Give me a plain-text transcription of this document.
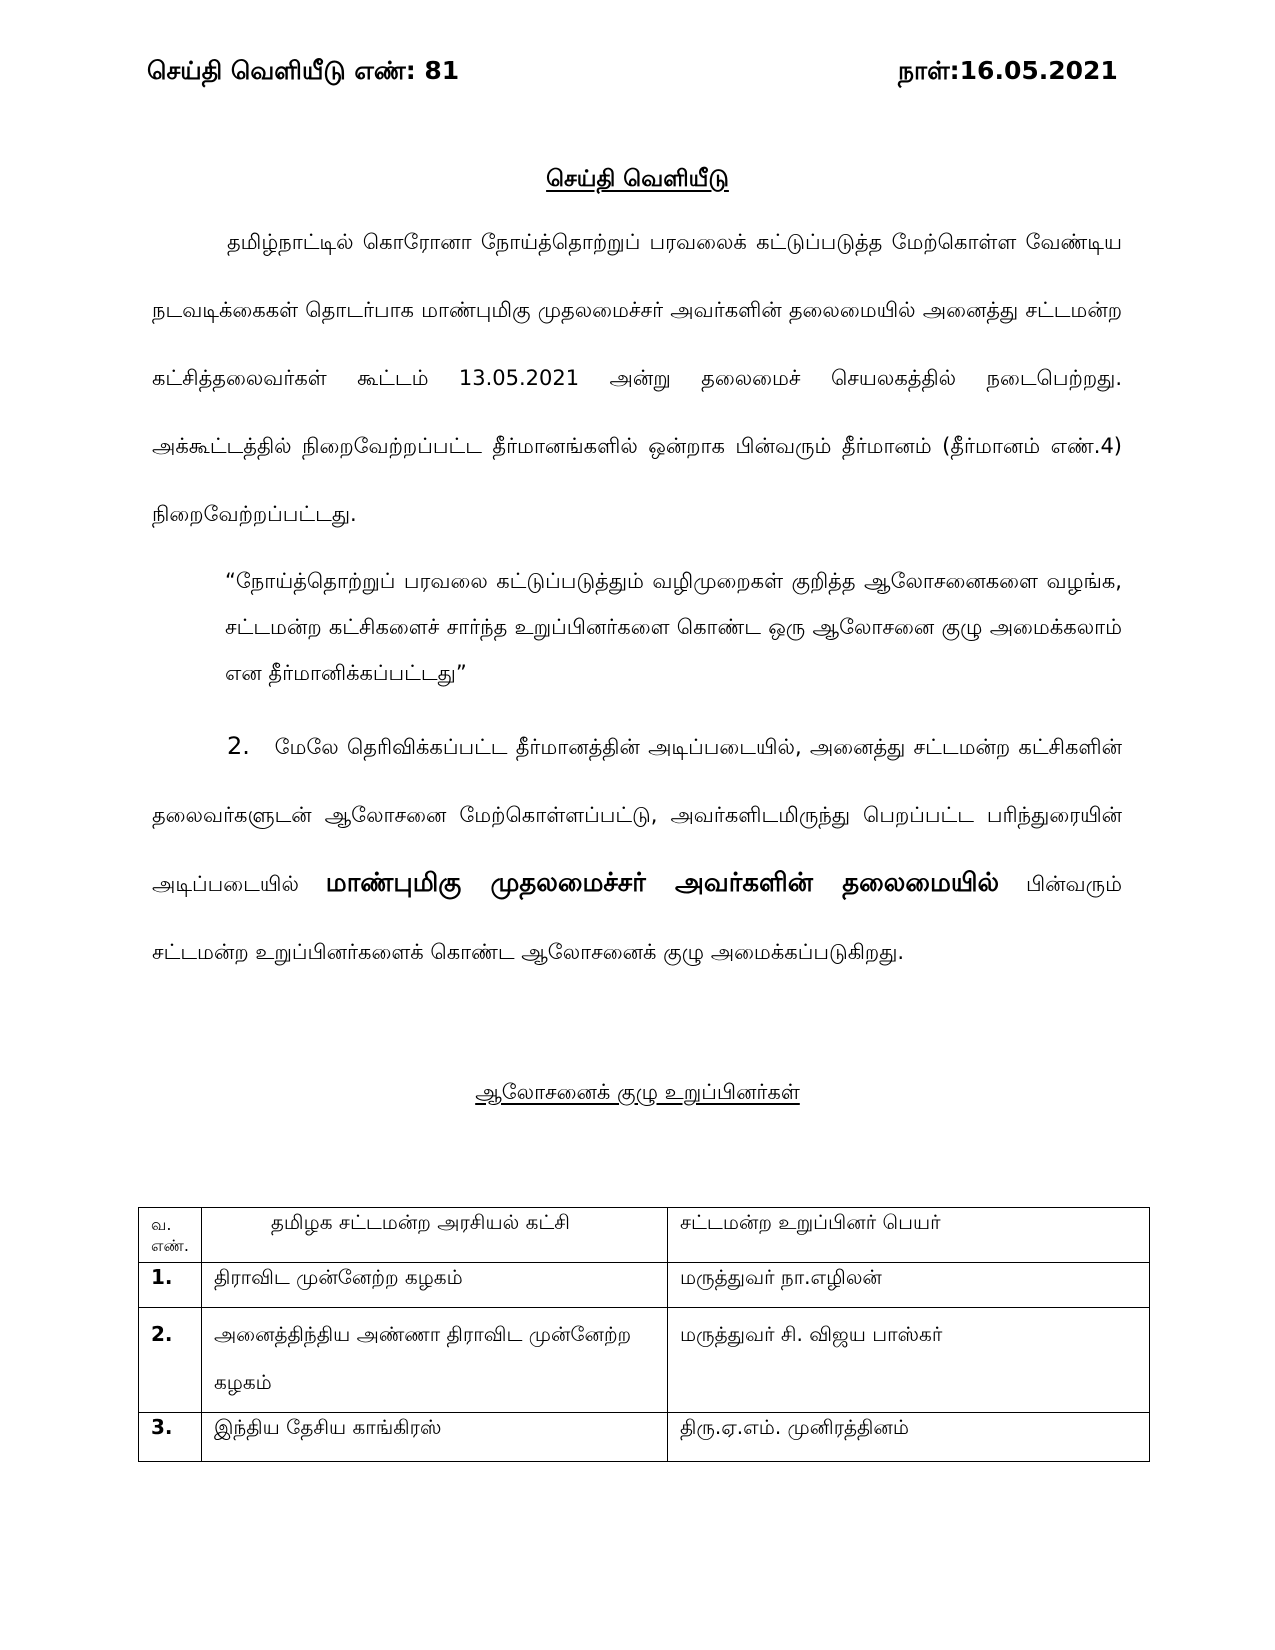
செய்தி வெளியீடு எண்: 81	நாள்:16.05.2021
செய்தி வெளியீடு

தமிழ்நாட்டில் கொரோனா நோய்த்தொற்றுப் பரவலைக் கட்டுப்படுத்த மேற்கொள்ள வேண்டிய நடவடிக்கைகள் தொடர்பாக மாண்புமிகு முதலமைச்சர் அவர்களின் தலைமையில் அனைத்து சட்டமன்ற கட்சித்தலைவர்கள் கூட்டம் 13.05.2021 அன்று தலைமைச் செயலகத்தில் நடைபெற்றது. அக்கூட்டத்தில் நிறைவேற்றப்பட்ட தீர்மானங்களில் ஒன்றாக பின்வரும் தீர்மானம் (தீர்மானம் எண்.4) நிறைவேற்றப்பட்டது.

“நோய்த்தொற்றுப் பரவலை கட்டுப்படுத்தும் வழிமுறைகள் குறித்த ஆலோசனைகளை வழங்க, சட்டமன்ற கட்சிகளைச் சார்ந்த உறுப்பினர்களை கொண்ட ஒரு ஆலோசனை குழு அமைக்கலாம் என தீர்மானிக்கப்பட்டது”

2. மேலே தெரிவிக்கப்பட்ட தீர்மானத்தின் அடிப்படையில், அனைத்து சட்டமன்ற கட்சிகளின் தலைவர்களுடன் ஆலோசனை மேற்கொள்ளப்பட்டு, அவர்களிடமிருந்து பெறப்பட்ட பரிந்துரையின் அடிப்படையில் மாண்புமிகு முதலமைச்சர் அவர்களின் தலைமையில் பின்வரும் சட்டமன்ற உறுப்பினர்களைக் கொண்ட ஆலோசனைக் குழு அமைக்கப்படுகிறது.

ஆலோசனைக் குழு உறுப்பினர்கள்
வ. எண்.	தமிழக சட்டமன்ற அரசியல் கட்சி	சட்டமன்ற உறுப்பினர் பெயர்
1.	திராவிட முன்னேற்ற கழகம்	மருத்துவர் நா.எழிலன்
2.	அனைத்திந்திய அண்ணா திராவிட முன்னேற்ற கழகம்	மருத்துவர் சி. விஜய பாஸ்கர்
3.	இந்திய தேசிய காங்கிரஸ்	திரு.ஏ.எம். முனிரத்தினம்
